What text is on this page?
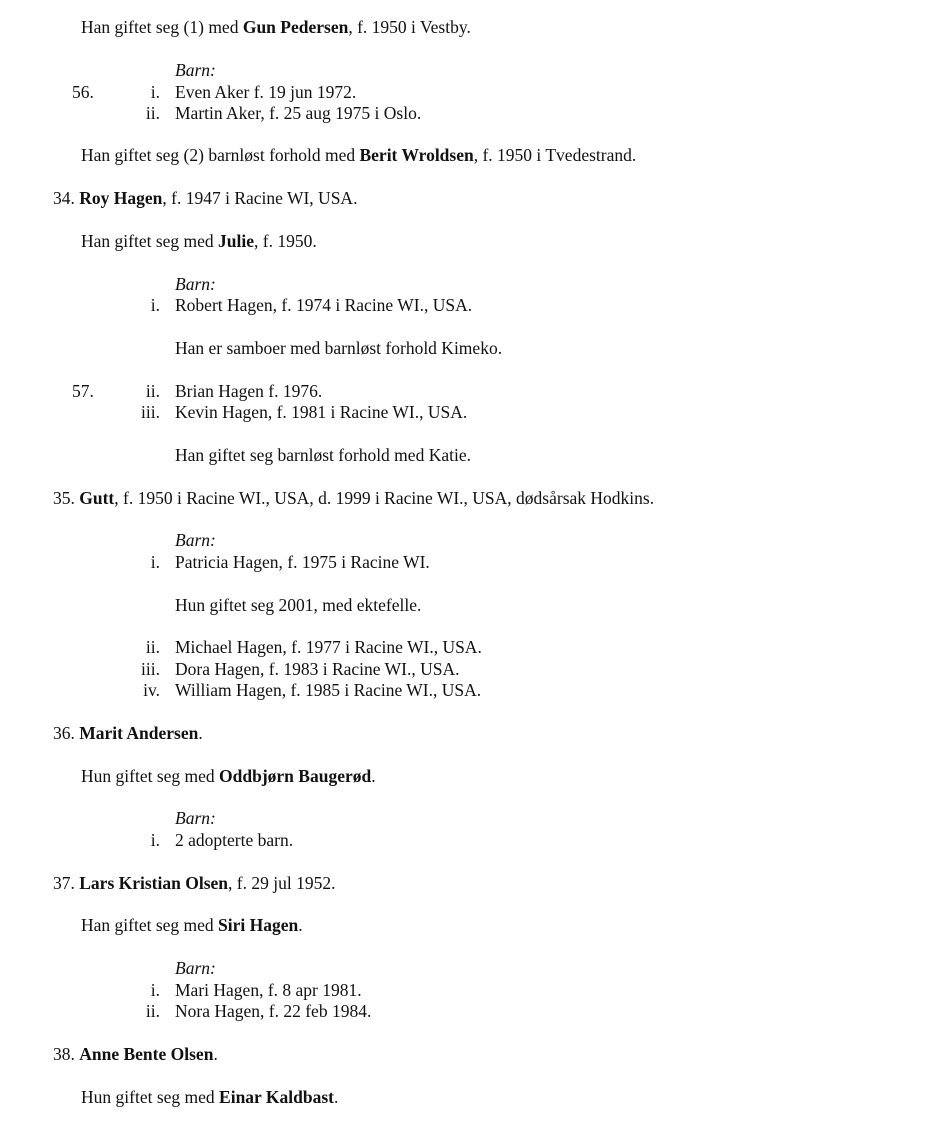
Han giftet seg (1) med Gun Pedersen, f. 1950 i Vestby.
Barn:
56.	i. Even Aker f. 19 jun 1972.
ii. Martin Aker, f. 25 aug 1975 i Oslo.
Han giftet seg (2) barnløst forhold med Berit Wroldsen, f. 1950 i Tvedestrand.
34. Roy Hagen, f. 1947 i Racine WI, USA.
Han giftet seg med Julie, f. 1950.
Barn:
i. Robert Hagen, f. 1974 i Racine WI., USA.
Han er samboer med barnløst forhold Kimeko.
57.	ii. Brian Hagen f. 1976.
iii. Kevin Hagen, f. 1981 i Racine WI., USA.
Han giftet seg barnløst forhold med Katie.
35. Gutt, f. 1950 i Racine WI., USA, d. 1999 i Racine WI., USA, dødsårsak Hodkins.
Barn:
i. Patricia Hagen, f. 1975 i Racine WI.
Hun giftet seg 2001, med ektefelle.
ii. Michael Hagen, f. 1977 i Racine WI., USA.
iii. Dora Hagen, f. 1983 i Racine WI., USA.
iv. William Hagen, f. 1985 i Racine WI., USA.
36. Marit Andersen.
Hun giftet seg med Oddbjørn Baugerød.
Barn:
i. 2 adopterte barn.
37. Lars Kristian Olsen, f. 29 jul 1952.
Han giftet seg med Siri Hagen.
Barn:
i. Mari Hagen, f. 8 apr 1981.
ii. Nora Hagen, f. 22 feb 1984.
38. Anne Bente Olsen.
Hun giftet seg med Einar Kaldbast.
